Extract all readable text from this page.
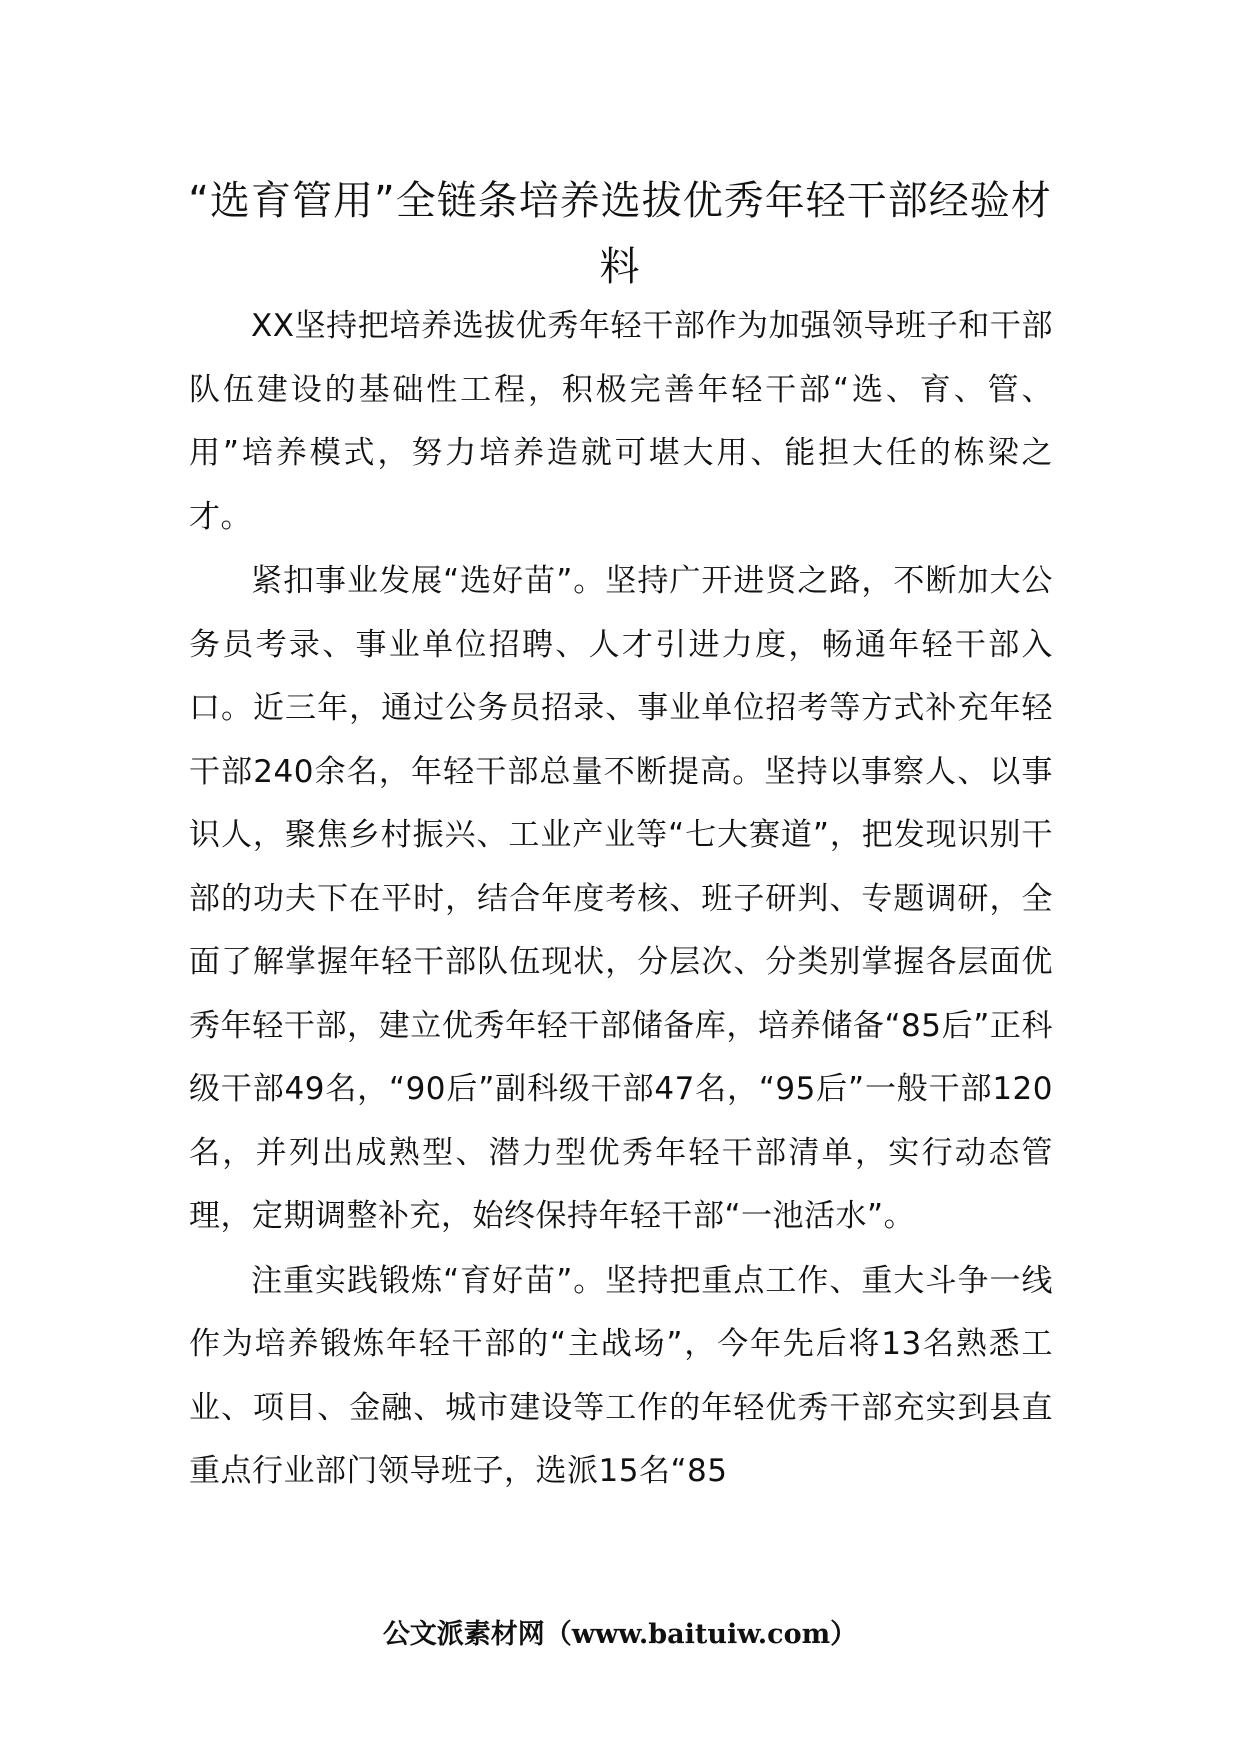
“选育管用”全链条培养选拔优秀年轻干部经验材料

XX坚持把培养选拔优秀年轻干部作为加强领导班子和干部队伍建设的基础性工程，积极完善年轻干部“选、育、管、用”培养模式，努力培养造就可堪大用、能担大任的栋梁之才。

紧扣事业发展“选好苗”。坚持广开进贤之路，不断加大公务员考录、事业单位招聘、人才引进力度，畅通年轻干部入口。近三年，通过公务员招录、事业单位招考等方式补充年轻干部240余名，年轻干部总量不断提高。坚持以事察人、以事识人，聚焦乡村振兴、工业产业等“七大赛道”，把发现识别干部的功夫下在平时，结合年度考核、班子研判、专题调研，全面了解掌握年轻干部队伍现状，分层次、分类别掌握各层面优秀年轻干部，建立优秀年轻干部储备库，培养储备“85后”正科级干部49名，“90后”副科级干部47名，“95后”一般干部120名，并列出成熟型、潜力型优秀年轻干部清单，实行动态管理，定期调整补充，始终保持年轻干部“一池活水”。

注重实践锻炼“育好苗”。坚持把重点工作、重大斗争一线作为培养锻炼年轻干部的“主战场”，今年先后将13名熟悉工业、项目、金融、城市建设等工作的年轻优秀干部充实到县直重点行业部门领导班子，选派15名“85

公文派素材网（www.baituiw.com）
